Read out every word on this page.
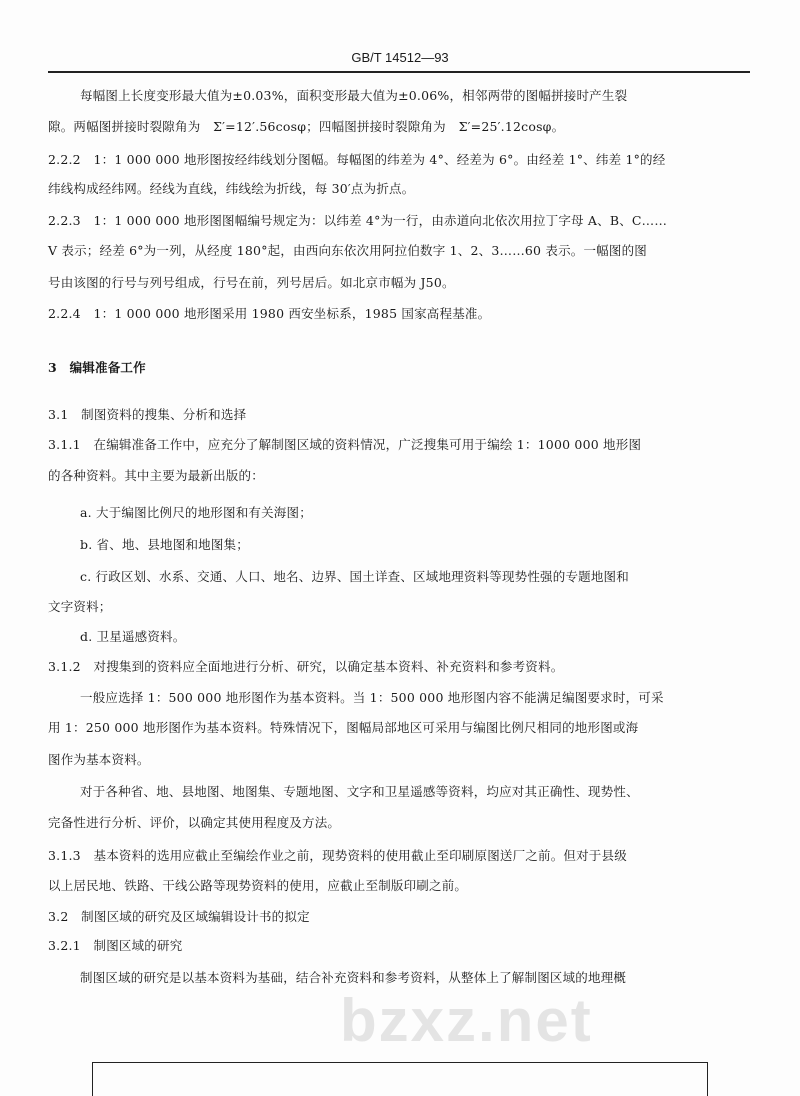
bzxz.net
GB/T 14512—93
每幅图上长度变形最大值为±0.03%，面积变形最大值为±0.06%，相邻两带的图幅拼接时产生裂
隙。两幅图拼接时裂隙角为　Σ′=12′.56cosφ；四幅图拼接时裂隙角为　Σ′=25′.12cosφ。
2.2.2　1：1 000 000 地形图按经纬线划分图幅。每幅图的纬差为 4°、经差为 6°。由经差 1°、纬差 1°的经
纬线构成经纬网。经线为直线，纬线绘为折线，每 30′点为折点。
2.2.3　1：1 000 000 地形图图幅编号规定为：以纬差 4°为一行，由赤道向北依次用拉丁字母 A、B、C……
V 表示；经差 6°为一列，从经度 180°起，由西向东依次用阿拉伯数字 1、2、3……60 表示。一幅图的图
号由该图的行号与列号组成，行号在前，列号居后。如北京市幅为 J50。
2.2.4　1：1 000 000 地形图采用 1980 西安坐标系，1985 国家高程基准。
3　编辑准备工作
3.1　制图资料的搜集、分析和选择
3.1.1　在编辑准备工作中，应充分了解制图区域的资料情况，广泛搜集可用于编绘 1：1000 000 地形图
的各种资料。其中主要为最新出版的：
a. 大于编图比例尺的地形图和有关海图；
b. 省、地、县地图和地图集；
c. 行政区划、水系、交通、人口、地名、边界、国土详查、区域地理资料等现势性强的专题地图和
文字资料；
d. 卫星遥感资料。
3.1.2　对搜集到的资料应全面地进行分析、研究，以确定基本资料、补充资料和参考资料。
一般应选择 1：500 000 地形图作为基本资料。当 1：500 000 地形图内容不能满足编图要求时，可采
用 1：250 000 地形图作为基本资料。特殊情况下，图幅局部地区可采用与编图比例尺相同的地形图或海
图作为基本资料。
对于各种省、地、县地图、地图集、专题地图、文字和卫星遥感等资料，均应对其正确性、现势性、
完备性进行分析、评价，以确定其使用程度及方法。
3.1.3　基本资料的选用应截止至编绘作业之前，现势资料的使用截止至印刷原图送厂之前。但对于县级
以上居民地、铁路、干线公路等现势资料的使用，应截止至制版印刷之前。
3.2　制图区域的研究及区域编辑设计书的拟定
3.2.1　制图区域的研究
制图区域的研究是以基本资料为基础，结合补充资料和参考资料，从整体上了解制图区域的地理概
